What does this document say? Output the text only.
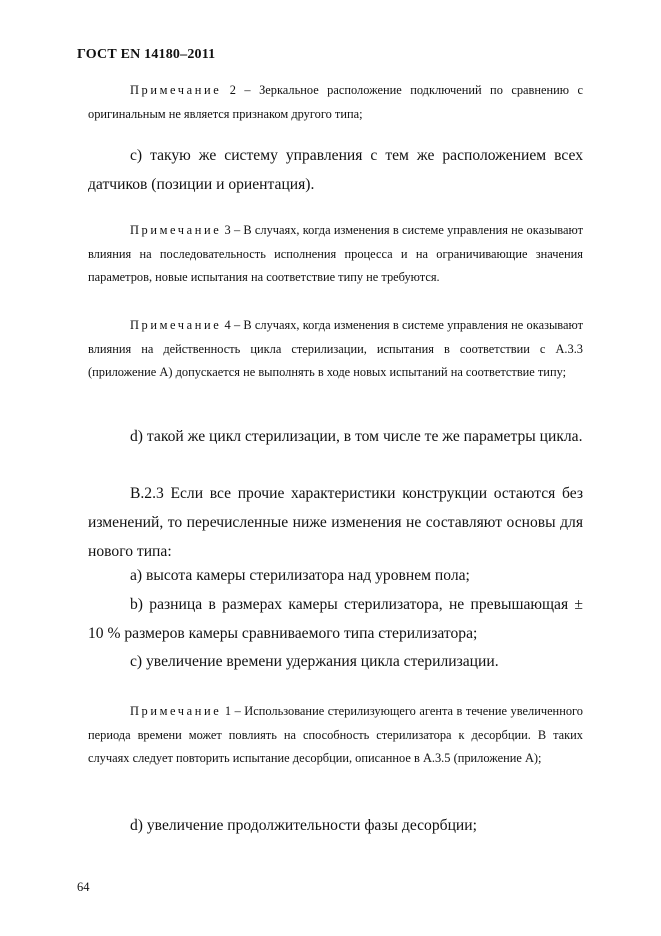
ГОСТ EN 14180–2011
Примечание 2 – Зеркальное расположение подключений по сравнению с оригинальным не является признаком другого типа;
c) такую же систему управления с тем же расположением всех датчиков (позиции и ориентация).
Примечание 3 – В случаях, когда изменения в системе управления не оказывают влияния на последовательность исполнения процесса и на ограничивающие значения параметров, новые испытания на соответствие типу не требуются.
Примечание 4 – В случаях, когда изменения в системе управления не оказывают влияния на действенность цикла стерилизации, испытания в соответствии с А.3.3 (приложение А) допускается не выполнять в ходе новых испытаний на соответствие типу;
d) такой же цикл стерилизации, в том числе те же параметры цикла.
В.2.3 Если все прочие характеристики конструкции остаются без изменений, то перечисленные ниже изменения не составляют основы для нового типа:
a) высота камеры стерилизатора над уровнем пола;
b) разница в размерах камеры стерилизатора, не превышающая ± 10 % размеров камеры сравниваемого типа стерилизатора;
c) увеличение времени удержания цикла стерилизации.
Примечание 1 – Использование стерилизующего агента в течение увеличенного периода времени может повлиять на способность стерилизатора к десорбции. В таких случаях следует повторить испытание десорбции, описанное в А.3.5 (приложение А);
d) увеличение продолжительности фазы десорбции;
64
